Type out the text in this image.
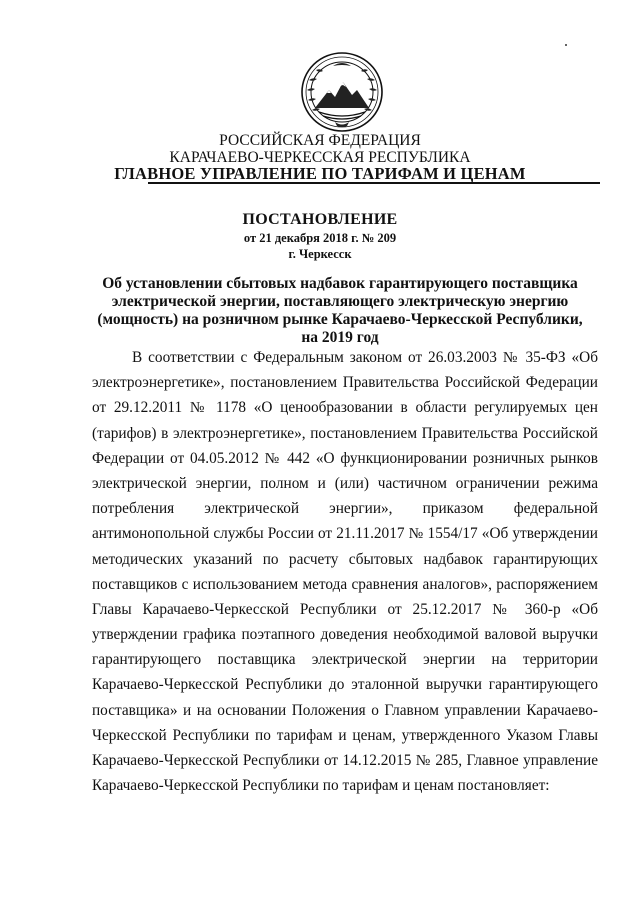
РОССИЙСКАЯ ФЕДЕРАЦИЯ
КАРАЧАЕВО-ЧЕРКЕССКАЯ РЕСПУБЛИКА
ГЛАВНОЕ УПРАВЛЕНИЕ ПО ТАРИФАМ И ЦЕНАМ
ПОСТАНОВЛЕНИЕ
от 21 декабря 2018 г. № 209
г. Черкесск
Об установлении сбытовых надбавок гарантирующего поставщика
электрической энергии, поставляющего электрическую энергию
(мощность) на розничном рынке Карачаево-Черкесской Республики,
на 2019 год
В соответствии с Федеральным законом от 26.03.2003 № 35-ФЗ «Об
электроэнергетике», постановлением Правительства Российской Федерации
от 29.12.2011 № 1178 «О ценообразовании в области регулируемых цен
(тарифов) в электроэнергетике», постановлением Правительства Российской
Федерации от 04.05.2012 № 442 «О функционировании розничных рынков
электрической энергии, полном и (или) частичном ограничении режима
потребления электрической энергии», приказом федеральной
антимонопольной службы России от 21.11.2017 № 1554/17 «Об утверждении
методических указаний по расчету сбытовых надбавок гарантирующих
поставщиков с использованием метода сравнения аналогов», распоряжением
Главы Карачаево-Черкесской Республики от 25.12.2017 № 360-р «Об
утверждении графика поэтапного доведения необходимой валовой выручки
гарантирующего поставщика электрической энергии на территории
Карачаево-Черкесской Республики до эталонной выручки гарантирующего
поставщика» и на основании Положения о Главном управлении Карачаево-
Черкесской Республики по тарифам и ценам, утвержденного Указом Главы
Карачаево-Черкесской Республики от 14.12.2015 № 285, Главное управление
Карачаево-Черкесской Республики по тарифам и ценам постановляет:
